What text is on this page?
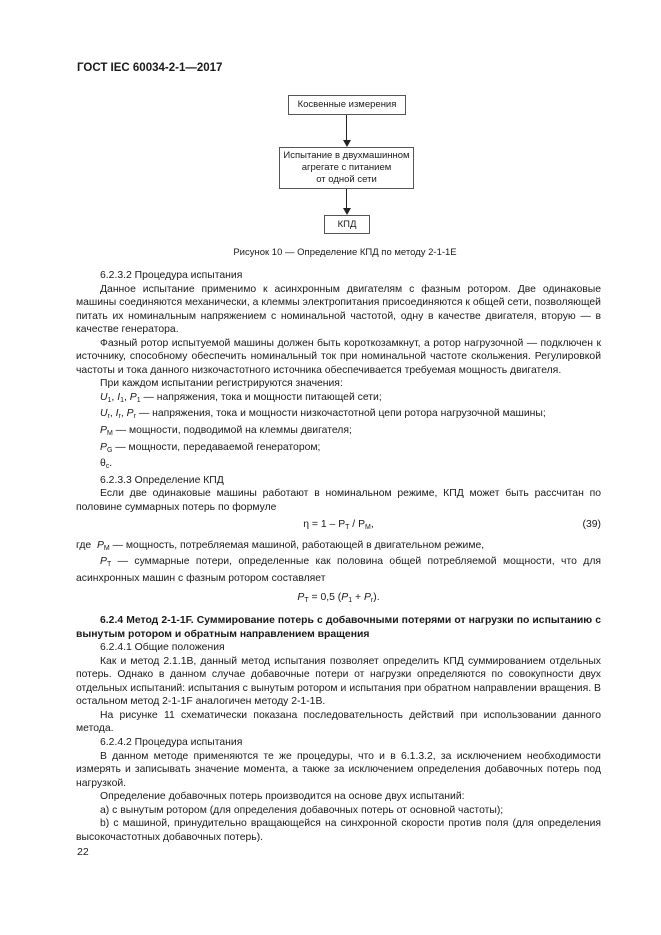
ГОСТ IEC 60034-2-1—2017
Косвенные измерения
Испытание в двухмашинном
агрегате с питанием
от одной сети
КПД
Рисунок 10 — Определение КПД по методу 2-1-1Е

6.2.3.2 Процедура испытания

Данное испытание применимо к асинхронным двигателям с фазным ротором. Две одинаковые машины соединяются механически, а клеммы электропитания присоединяются к общей сети, позволяющей питать их номинальным напряжением с номинальной частотой, одну в качестве двигателя, вторую — в качестве генератора.

Фазный ротор испытуемой машины должен быть короткозамкнут, а ротор нагрузочной — подключен к источнику, способному обеспечить номинальный ток при номинальной частоте скольжения. Регулировкой частоты и тока данного низкочастотного источника обеспечивается требуемая мощность двигателя.

При каждом испытании регистрируются значения:

$U_1$, $I_1$, $P_1$ — напряжения, тока и мощности питающей сети;

$U_r$, $I_r$, $P_r$ — напряжения, тока и мощности низкочастотной цепи ротора нагрузочной машины;

$P_M$ — мощности, подводимой на клеммы двигателя;

$P_G$ — мощности, передаваемой генератором;

$\theta_c$.

6.2.3.3 Определение КПД

Если две одинаковые машины работают в номинальном режиме, КПД может быть рассчитан по половине суммарных потерь по формуле

$\eta = 1 - P_T / P_M$,	(39)

где  $P_M$ — мощность, потребляемая машиной, работающей в двигательном режиме,

$P_T$ — суммарные потери, определенные как половина общей потребляемой мощности, что для асинхронных машин с фазным ротором составляет

$P_T = 0,5$ $(P_1 + P_r)$.

6.2.4 Метод 2-1-1F. Суммирование потерь с добавочными потерями от нагрузки по испытанию с вынутым ротором и обратным направлением вращения

6.2.4.1 Общие положения

Как и метод 2.1.1В, данный метод испытания позволяет определить КПД суммированием отдельных потерь. Однако в данном случае добавочные потери от нагрузки определяются по совокупности двух отдельных испытаний: испытания с вынутым ротором и испытания при обратном направлении вращения. В остальном метод 2-1-1F аналогичен методу 2-1-1В.

На рисунке 11 схематически показана последовательность действий при использовании данного метода.

6.2.4.2 Процедура испытания

В данном методе применяются те же процедуры, что и в 6.1.3.2, за исключением необходимости измерять и записывать значение момента, а также за исключением определения добавочных потерь под нагрузкой.

Определение добавочных потерь производится на основе двух испытаний:

а) с вынутым ротором (для определения добавочных потерь от основной частоты);

b) с машиной, принудительно вращающейся на синхронной скорости против поля (для определения высокочастотных добавочных потерь).

22
